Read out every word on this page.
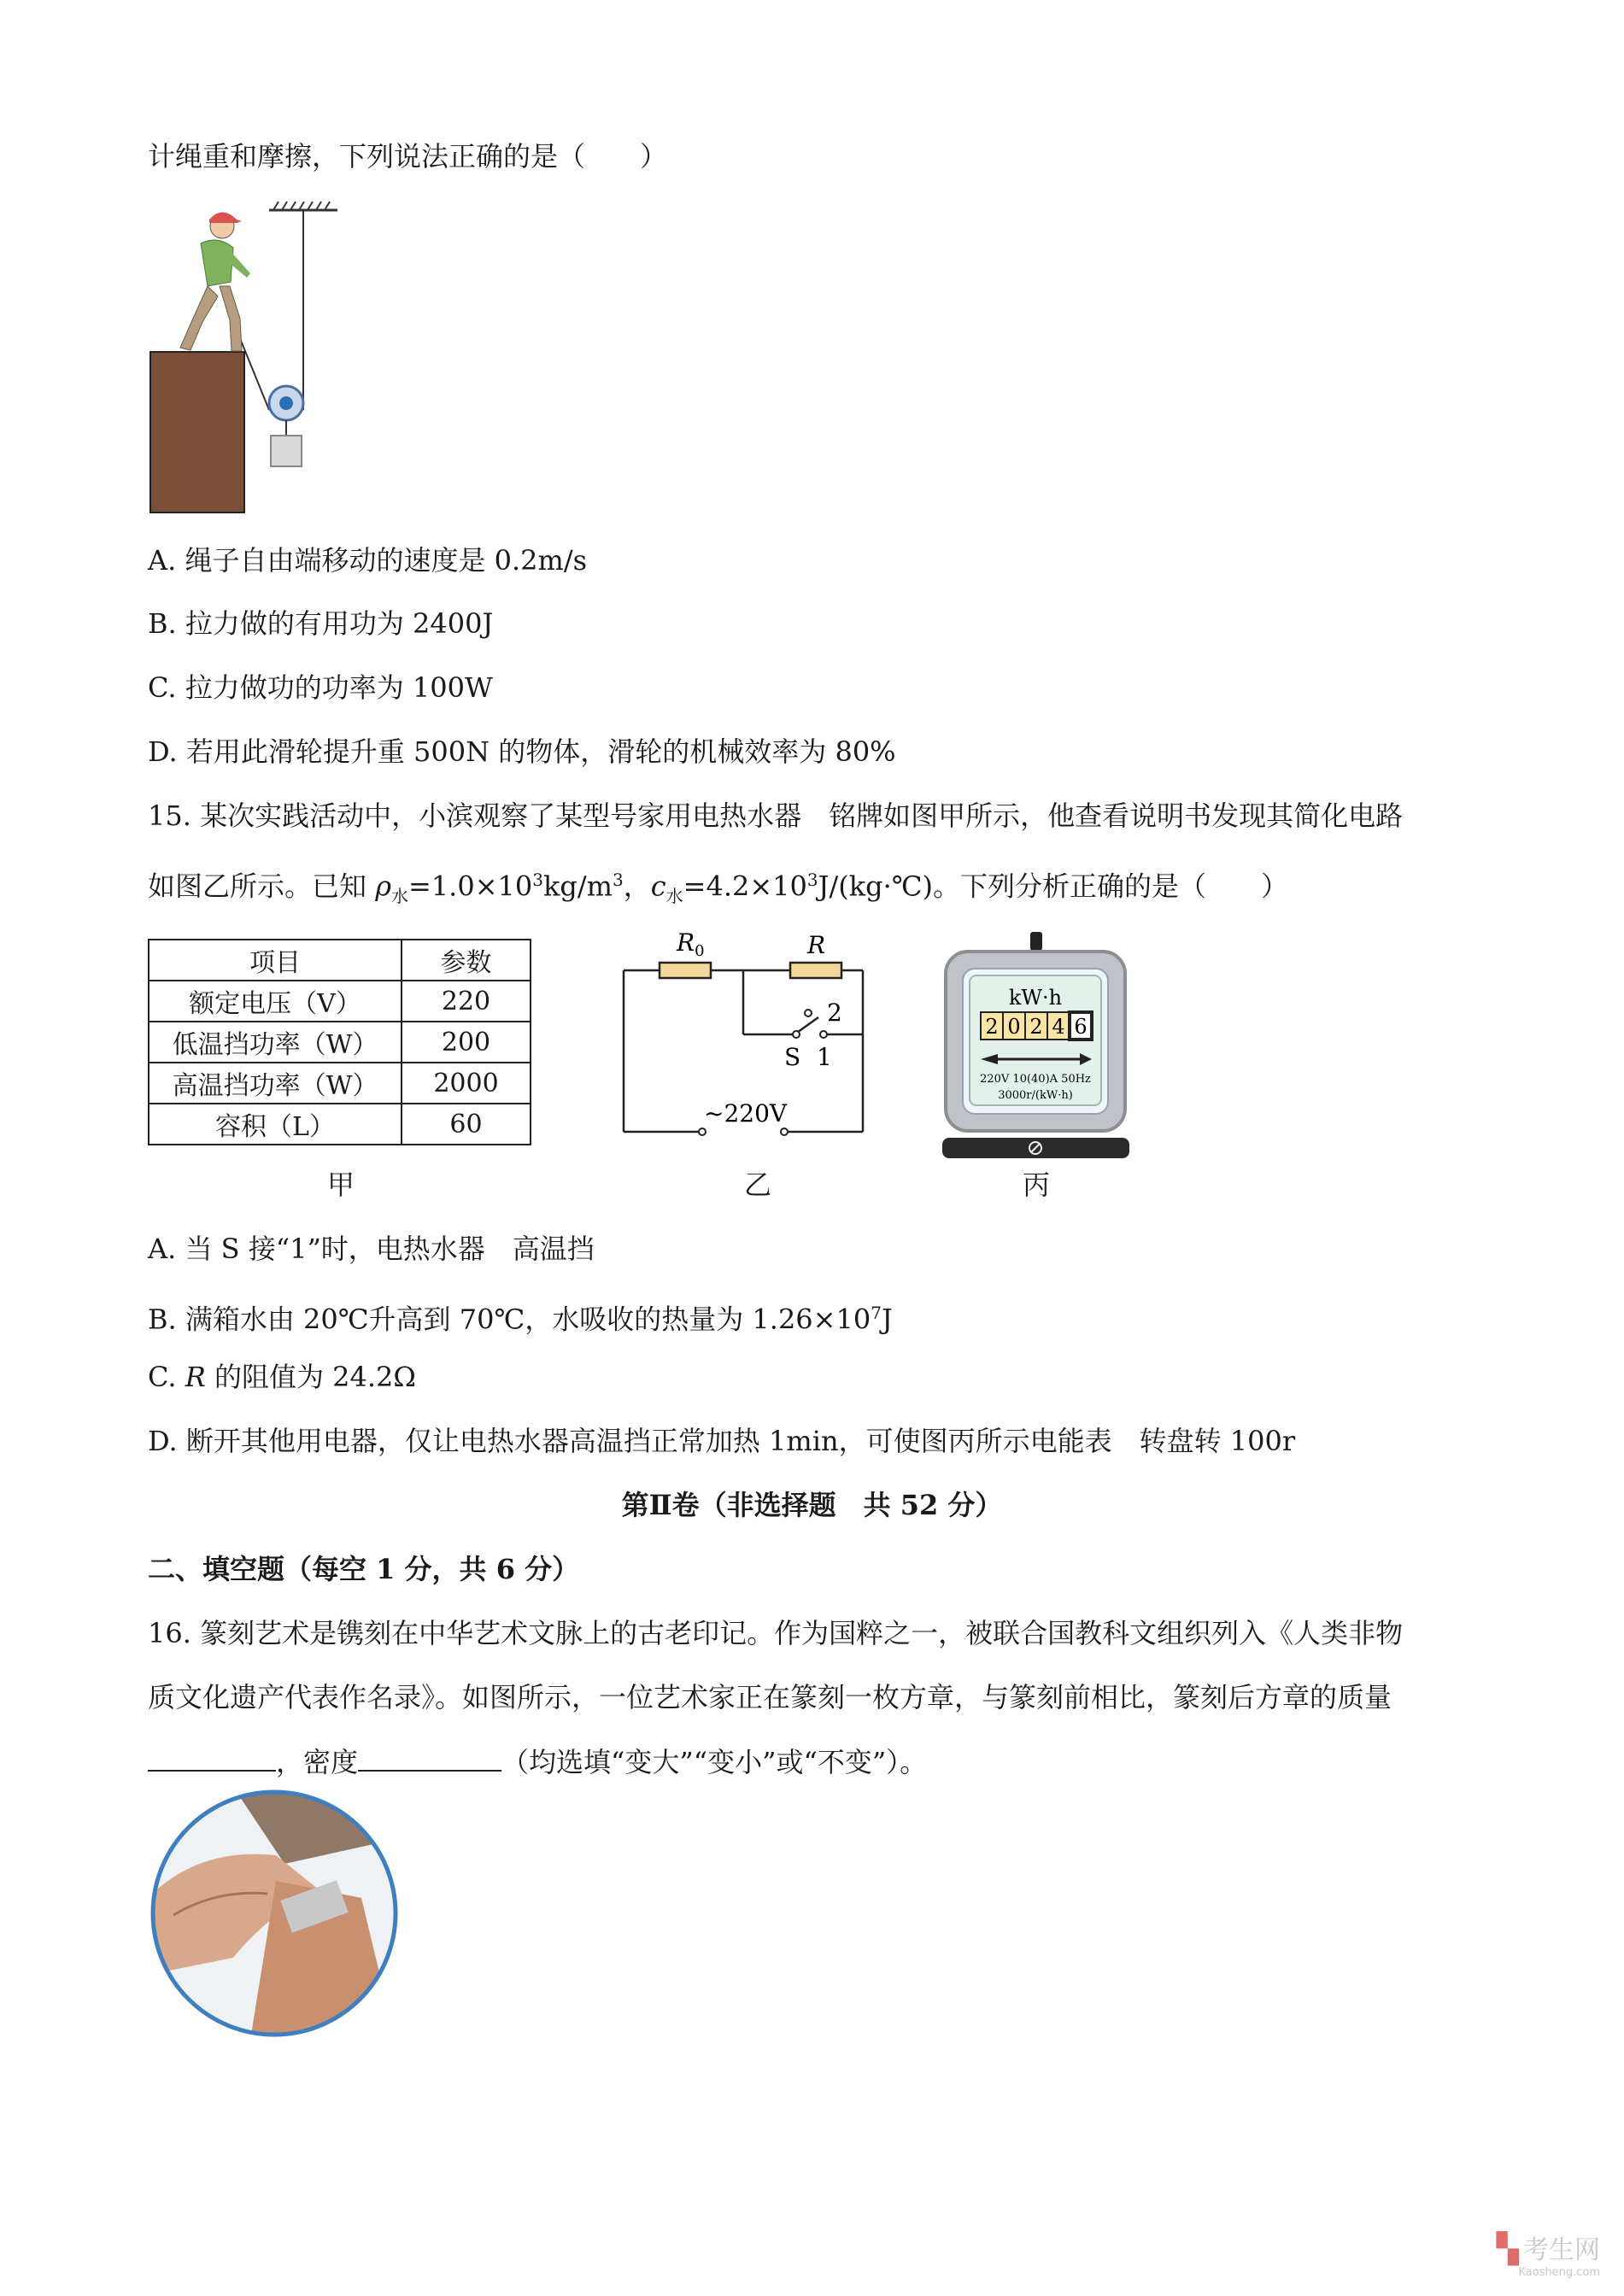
计绳重和摩擦，下列说法正确的是（　　）
A. 绳子自由端移动的速度是 0.2m/s
B. 拉力做的有用功为 2400J
C. 拉力做功的功率为 100W
D. 若用此滑轮提升重 500N 的物体，滑轮的机械效率为 80%
15. 某次实践活动中，小滨观察了某型号家用电热水器　铭牌如图甲所示，他查看说明书发现其简化电路
如图乙所示。已知 $\rho_水=1.0\times 10^3kg/m^3$，$c_水=4.2\times 10^3J/(kg\cdot℃)$。下列分析正确的是（　　）
项目	参数
额定电压（V）	220
低温挡功率（W）	200
高温挡功率（W）	2000
容积（L）	60
甲
$R_0$	R
2
S 1
~220V
乙
kW·h
2 0 2 4 6
220V 10(40)A 50Hz
3000r/(kW·h)
丙
A. 当 S 接“1”时，电热水器　高温挡
B. 满箱水由 20℃升高到 70℃，水吸收的热量为 $1.26\times 10^7J$
C. R 的阻值为 24.2Ω
D. 断开其他用电器，仅让电热水器高温挡正常加热 1min，可使图丙所示电能表　转盘转 100r
第Ⅱ卷（非选择题　共 52 分）
二、填空题（每空 1 分，共 6 分）
16. 篆刻艺术是镌刻在中华艺术文脉上的古老印记。作为国粹之一，被联合国教科文组织列入《人类非物
质文化遗产代表作名录》。如图所示，一位艺术家正在篆刻一枚方章，与篆刻前相比，篆刻后方章的质量
，密度	（均选填“变大”“变小”或“不变”）。
▚ 考生网
Kaosheng.com
